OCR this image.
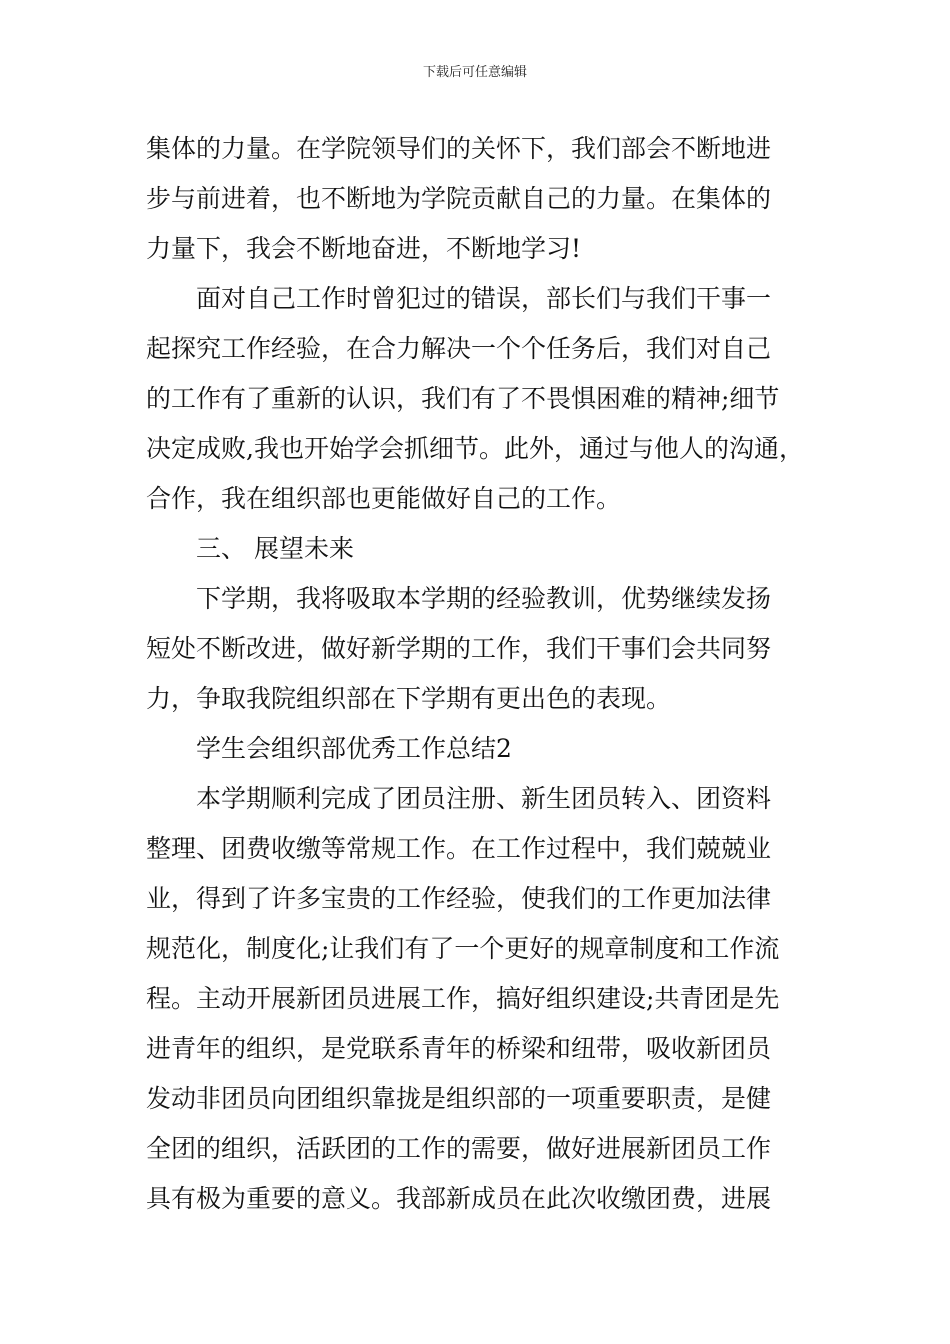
下载后可任意编辑
集体的力量。在学院领导们的关怀下，我们部会不断地进
步与前进着，也不断地为学院贡献自己的力量。在集体的
力量下，我会不断地奋进，不断地学习!
面对自己工作时曾犯过的错误，部长们与我们干事一
起探究工作经验，在合力解决一个个任务后，我们对自己
的工作有了重新的认识，我们有了不畏惧困难的精神;细节
决定成败,我也开始学会抓细节。此外，通过与他人的沟通，
合作，我在组织部也更能做好自己的工作。
三、 展望未来
下学期，我将吸取本学期的经验教训，优势继续发扬
短处不断改进，做好新学期的工作，我们干事们会共同努
力，争取我院组织部在下学期有更出色的表现。
学生会组织部优秀工作总结2
本学期顺利完成了团员注册、新生团员转入、团资料
整理、团费收缴等常规工作。在工作过程中，我们兢兢业
业，得到了许多宝贵的工作经验，使我们的工作更加法律
规范化，制度化;让我们有了一个更好的规章制度和工作流
程。主动开展新团员进展工作，搞好组织建设;共青团是先
进青年的组织，是党联系青年的桥梁和纽带，吸收新团员
发动非团员向团组织靠拢是组织部的一项重要职责，是健
全团的组织，活跃团的工作的需要，做好进展新团员工作
具有极为重要的意义。我部新成员在此次收缴团费，进展
